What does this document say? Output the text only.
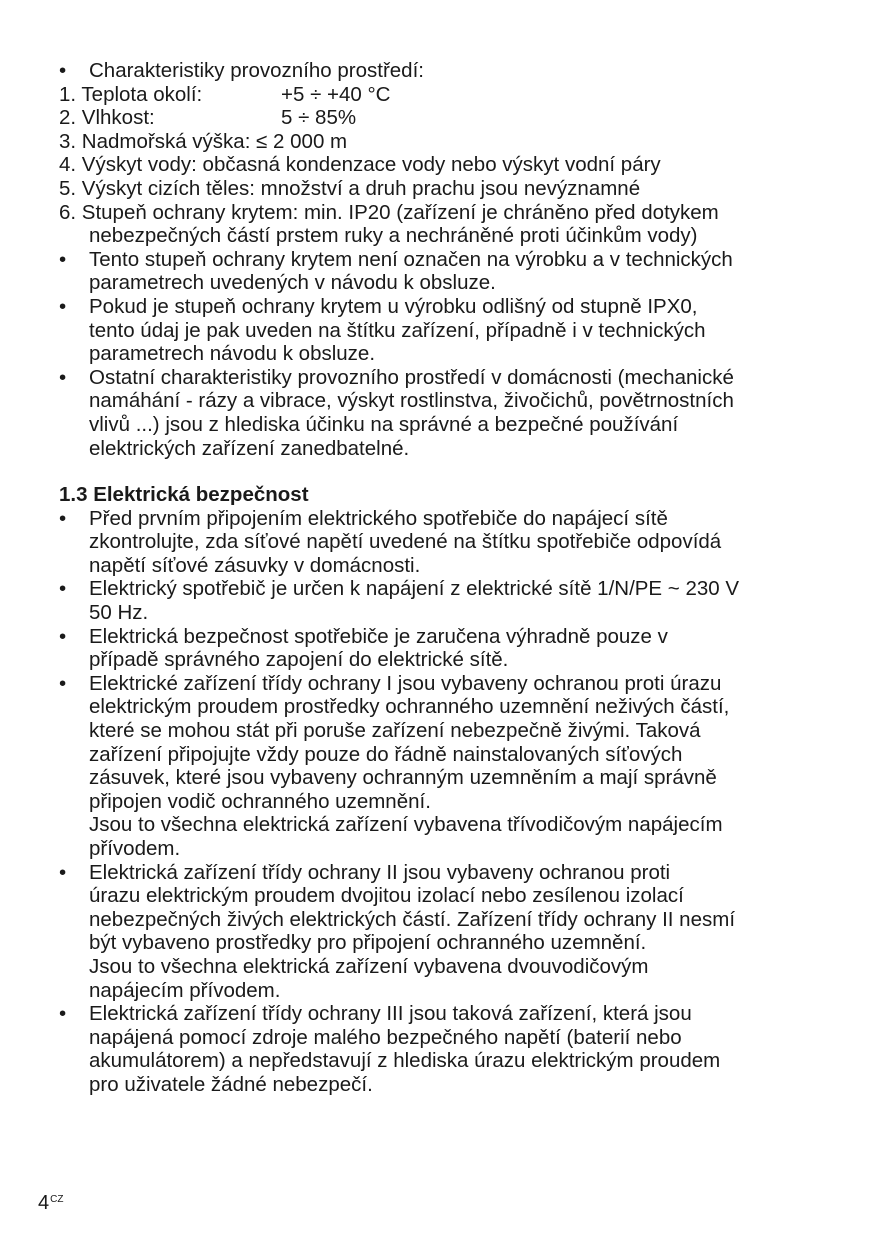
•	Charakteristiky provozního prostředí:
1. Teplota okolí:	+5 ÷ +40 °C
2. Vlhkost:	5 ÷ 85%
3. Nadmořská výška: ≤ 2 000 m
4. Výskyt vody: občasná kondenzace vody nebo výskyt vodní páry
5. Výskyt cizích těles: množství a druh prachu jsou nevýznamné
6. Stupeň ochrany krytem: min. IP20 (zařízení je chráněno před dotykem
nebezpečných částí prstem ruky a nechráněné proti účinkům vody)
•	Tento stupeň ochrany krytem není označen na výrobku a v technických
parametrech uvedených v návodu k obsluze.
•	Pokud je stupeň ochrany krytem u výrobku odlišný od stupně IPX0,
tento údaj je pak uveden na štítku zařízení, případně i v technických
parametrech návodu k obsluze.
•	Ostatní charakteristiky provozního prostředí v domácnosti (mechanické
namáhání - rázy a vibrace, výskyt rostlinstva, živočichů, povětrnostních
vlivů ...) jsou z hlediska účinku na správné a bezpečné používání
elektrických zařízení zanedbatelné.
1.3 Elektrická bezpečnost
•	Před prvním připojením elektrického spotřebiče do napájecí sítě
zkontrolujte, zda síťové napětí uvedené na štítku spotřebiče odpovídá
napětí síťové zásuvky v domácnosti.
•	Elektrický spotřebič je určen k napájení z elektrické sítě 1/N/PE ~ 230 V
50 Hz.
•	Elektrická bezpečnost spotřebiče je zaručena výhradně pouze v
případě správného zapojení do elektrické sítě.
•	Elektrické zařízení třídy ochrany I jsou vybaveny ochranou proti úrazu
elektrickým proudem prostředky ochranného uzemnění neživých částí,
které se mohou stát při poruše zařízení nebezpečně živými. Taková
zařízení připojujte vždy pouze do řádně nainstalovaných síťových
zásuvek, které jsou vybaveny ochranným uzemněním a mají správně
připojen vodič ochranného uzemnění.
Jsou to všechna elektrická zařízení vybavena třívodičovým napájecím
přívodem.
•	Elektrická zařízení třídy ochrany II jsou vybaveny ochranou proti
úrazu elektrickým proudem dvojitou izolací nebo zesílenou izolací
nebezpečných živých elektrických částí. Zařízení třídy ochrany II nesmí
být vybaveno prostředky pro připojení ochranného uzemnění.
Jsou to všechna elektrická zařízení vybavena dvouvodičovým
napájecím přívodem.
•	Elektrická zařízení třídy ochrany III jsou taková zařízení, která jsou
napájená pomocí zdroje malého bezpečného napětí (baterií nebo
akumulátorem) a nepředstavují z hlediska úrazu elektrickým proudem
pro uživatele žádné nebezpečí.
$4^{CZ}$
